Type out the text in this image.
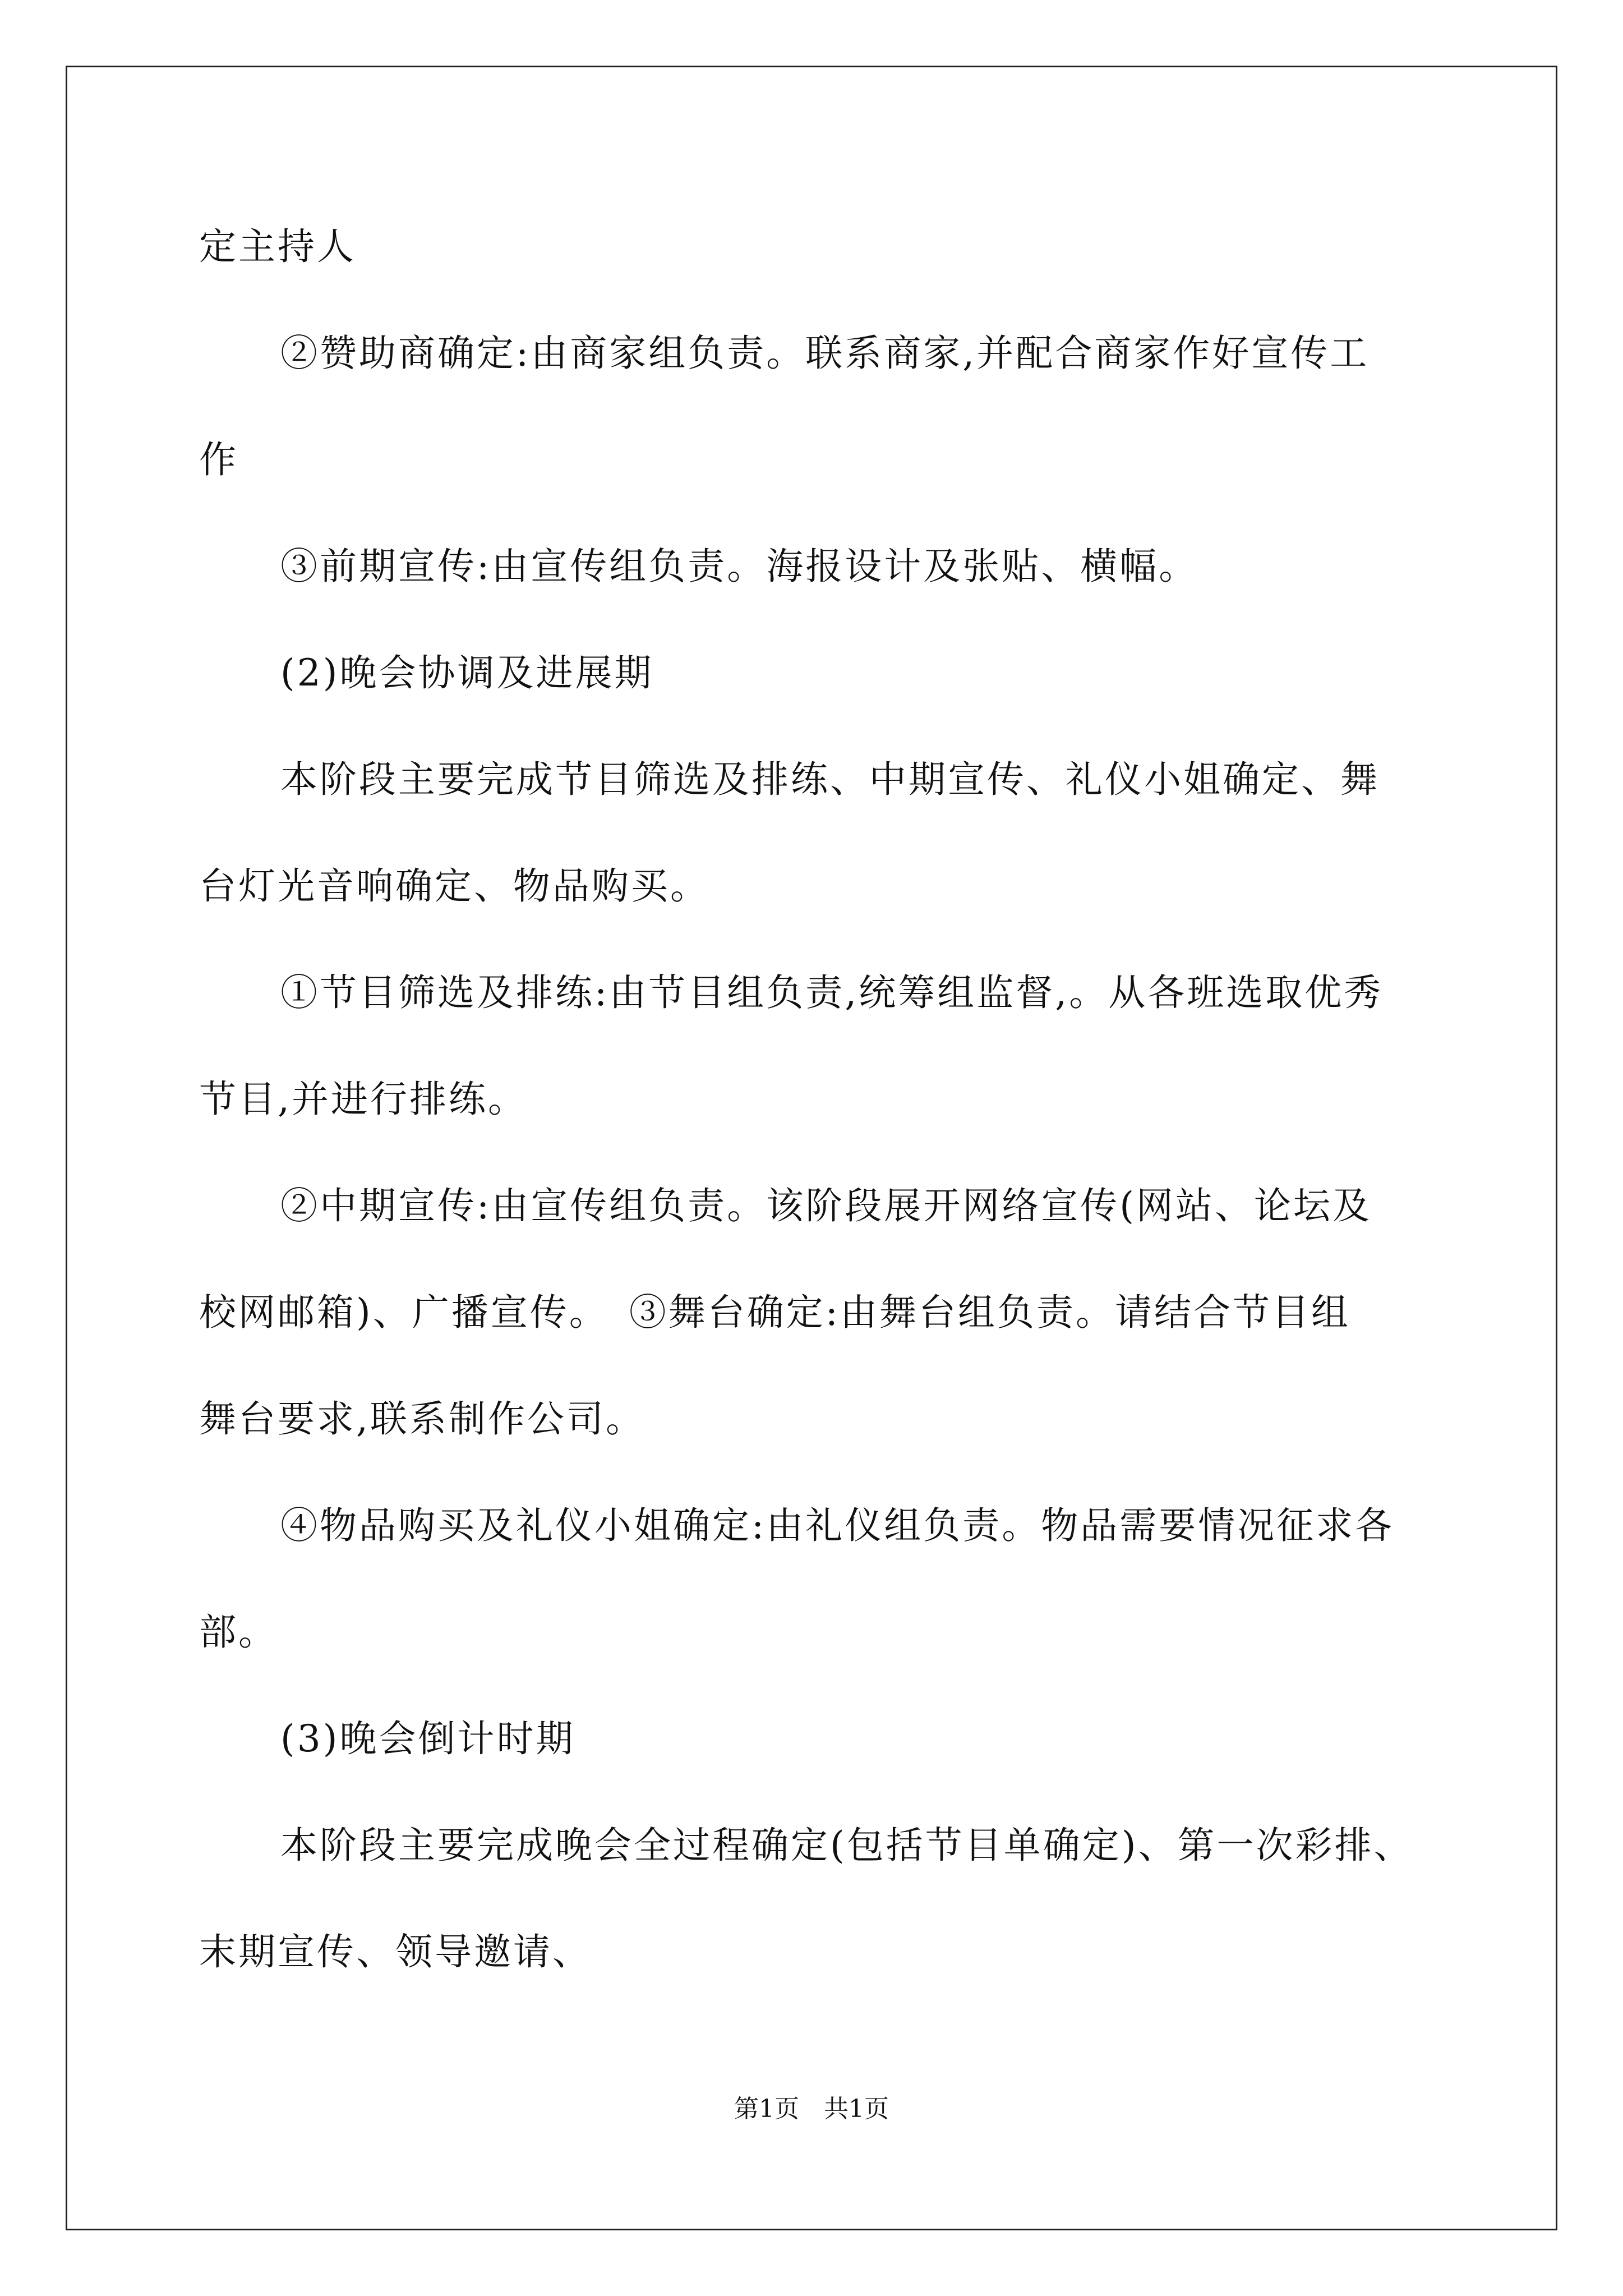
定主持人
②赞助商确定:由商家组负责。联系商家,并配合商家作好宣传工
作
③前期宣传:由宣传组负责。海报设计及张贴、横幅。
(2)晚会协调及进展期
本阶段主要完成节目筛选及排练、中期宣传、礼仪小姐确定、舞
台灯光音响确定、物品购买。
①节目筛选及排练:由节目组负责,统筹组监督,。从各班选取优秀
节目,并进行排练。
②中期宣传:由宣传组负责。该阶段展开网络宣传(网站、论坛及
校网邮箱)、广播宣传。　③舞台确定:由舞台组负责。请结合节目组
舞台要求,联系制作公司。
④物品购买及礼仪小姐确定:由礼仪组负责。物品需要情况征求各
部。
(3)晚会倒计时期
本阶段主要完成晚会全过程确定(包括节目单确定)、第一次彩排、
末期宣传、领导邀请、
第1页　共1页
